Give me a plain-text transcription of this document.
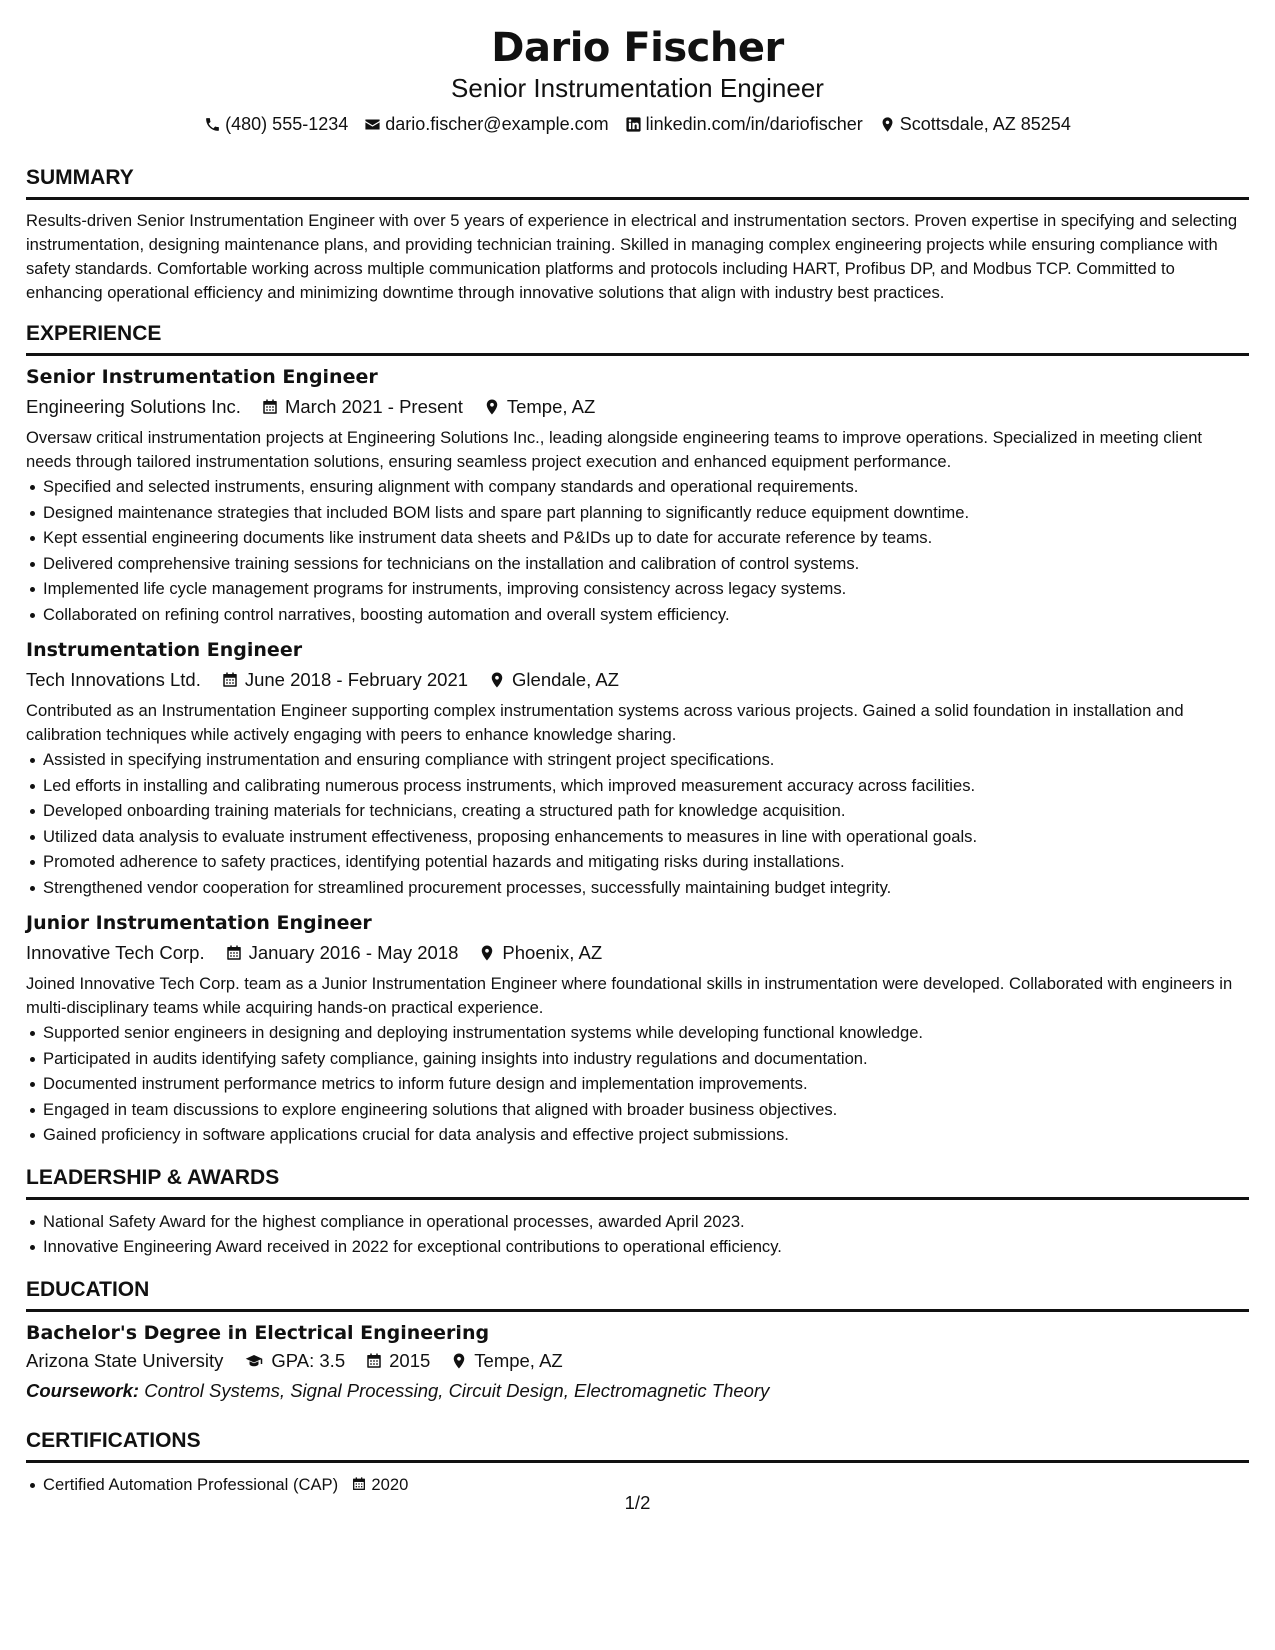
Dario Fischer
Senior Instrumentation Engineer
(480) 555-1234 dario.fischer@example.com linkedin.com/in/dariofischer Scottsdale, AZ 85254
SUMMARY

Results-driven Senior Instrumentation Engineer with over 5 years of experience in electrical and instrumentation sectors. Proven expertise in specifying and selecting instrumentation, designing maintenance plans, and providing technician training. Skilled in managing complex engineering projects while ensuring compliance with safety standards. Comfortable working across multiple communication platforms and protocols including HART, Profibus DP, and Modbus TCP. Committed to enhancing operational efficiency and minimizing downtime through innovative solutions that align with industry best practices.

EXPERIENCE
Senior Instrumentation Engineer
Engineering Solutions Inc. March 2021 - Present Tempe, AZ

Oversaw critical instrumentation projects at Engineering Solutions Inc., leading alongside engineering teams to improve operations. Specialized in meeting client needs through tailored instrumentation solutions, ensuring seamless project execution and enhanced equipment performance.

Specified and selected instruments, ensuring alignment with company standards and operational requirements.
Designed maintenance strategies that included BOM lists and spare part planning to significantly reduce equipment downtime.
Kept essential engineering documents like instrument data sheets and P&IDs up to date for accurate reference by teams.
Delivered comprehensive training sessions for technicians on the installation and calibration of control systems.
Implemented life cycle management programs for instruments, improving consistency across legacy systems.
Collaborated on refining control narratives, boosting automation and overall system efficiency.
Instrumentation Engineer
Tech Innovations Ltd. June 2018 - February 2021 Glendale, AZ

Contributed as an Instrumentation Engineer supporting complex instrumentation systems across various projects. Gained a solid foundation in installation and calibration techniques while actively engaging with peers to enhance knowledge sharing.

Assisted in specifying instrumentation and ensuring compliance with stringent project specifications.
Led efforts in installing and calibrating numerous process instruments, which improved measurement accuracy across facilities.
Developed onboarding training materials for technicians, creating a structured path for knowledge acquisition.
Utilized data analysis to evaluate instrument effectiveness, proposing enhancements to measures in line with operational goals.
Promoted adherence to safety practices, identifying potential hazards and mitigating risks during installations.
Strengthened vendor cooperation for streamlined procurement processes, successfully maintaining budget integrity.
Junior Instrumentation Engineer
Innovative Tech Corp. January 2016 - May 2018 Phoenix, AZ

Joined Innovative Tech Corp. team as a Junior Instrumentation Engineer where foundational skills in instrumentation were developed. Collaborated with engineers in multi-disciplinary teams while acquiring hands-on practical experience.

Supported senior engineers in designing and deploying instrumentation systems while developing functional knowledge.
Participated in audits identifying safety compliance, gaining insights into industry regulations and documentation.
Documented instrument performance metrics to inform future design and implementation improvements.
Engaged in team discussions to explore engineering solutions that aligned with broader business objectives.
Gained proficiency in software applications crucial for data analysis and effective project submissions.
LEADERSHIP & AWARDS
National Safety Award for the highest compliance in operational processes, awarded April 2023.
Innovative Engineering Award received in 2022 for exceptional contributions to operational efficiency.
EDUCATION
Bachelor's Degree in Electrical Engineering
Arizona State University	GPA: 3.5 2015 Tempe, AZ
Coursework: Control Systems, Signal Processing, Circuit Design, Electromagnetic Theory
CERTIFICATIONS
Certified Automation Professional (CAP) 2020
1/2
